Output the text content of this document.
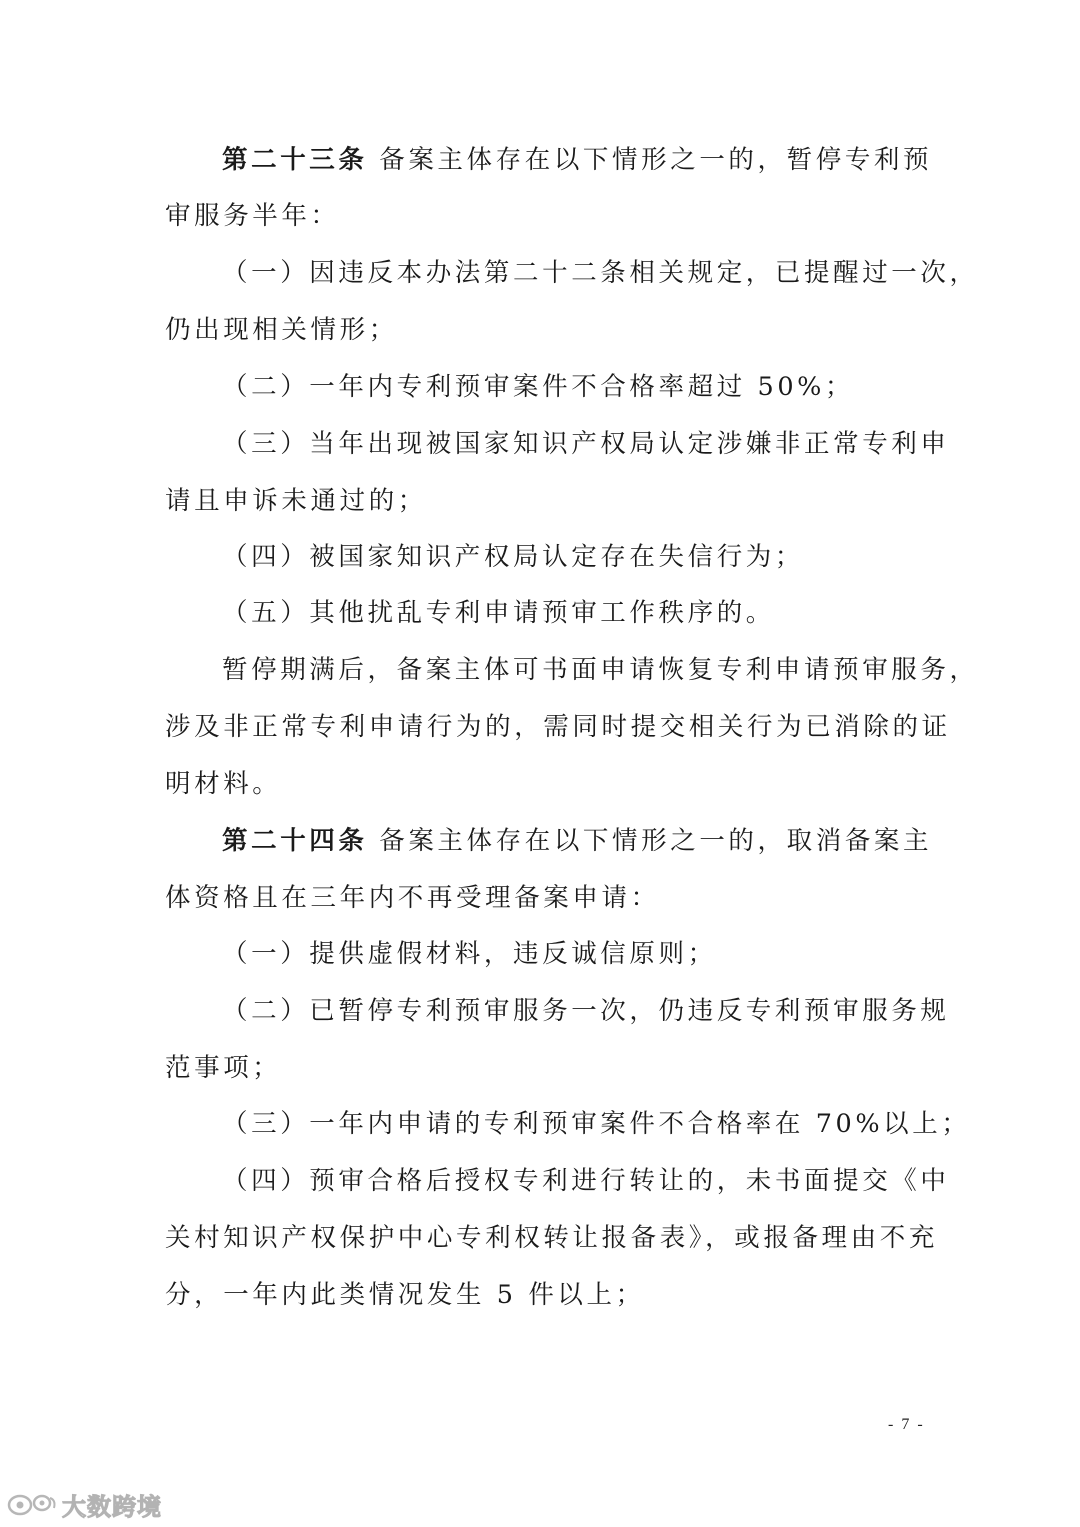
第二十三条 备案主体存在以下情形之一的，暂停专利预
审服务半年：
（一）因违反本办法第二十二条相关规定，已提醒过一次，
仍出现相关情形；
（二）一年内专利预审案件不合格率超过 50%；
（三）当年出现被国家知识产权局认定涉嫌非正常专利申
请且申诉未通过的；
（四）被国家知识产权局认定存在失信行为；
（五）其他扰乱专利申请预审工作秩序的。
暂停期满后，备案主体可书面申请恢复专利申请预审服务，
涉及非正常专利申请行为的，需同时提交相关行为已消除的证
明材料。
第二十四条 备案主体存在以下情形之一的，取消备案主
体资格且在三年内不再受理备案申请：
（一）提供虚假材料，违反诚信原则；
（二）已暂停专利预审服务一次，仍违反专利预审服务规
范事项；
（三）一年内申请的专利预审案件不合格率在 70%以上；
（四）预审合格后授权专利进行转让的，未书面提交《中
关村知识产权保护中心专利权转让报备表》，或报备理由不充
分，一年内此类情况发生 5 件以上；
- 7 -
大数跨境
